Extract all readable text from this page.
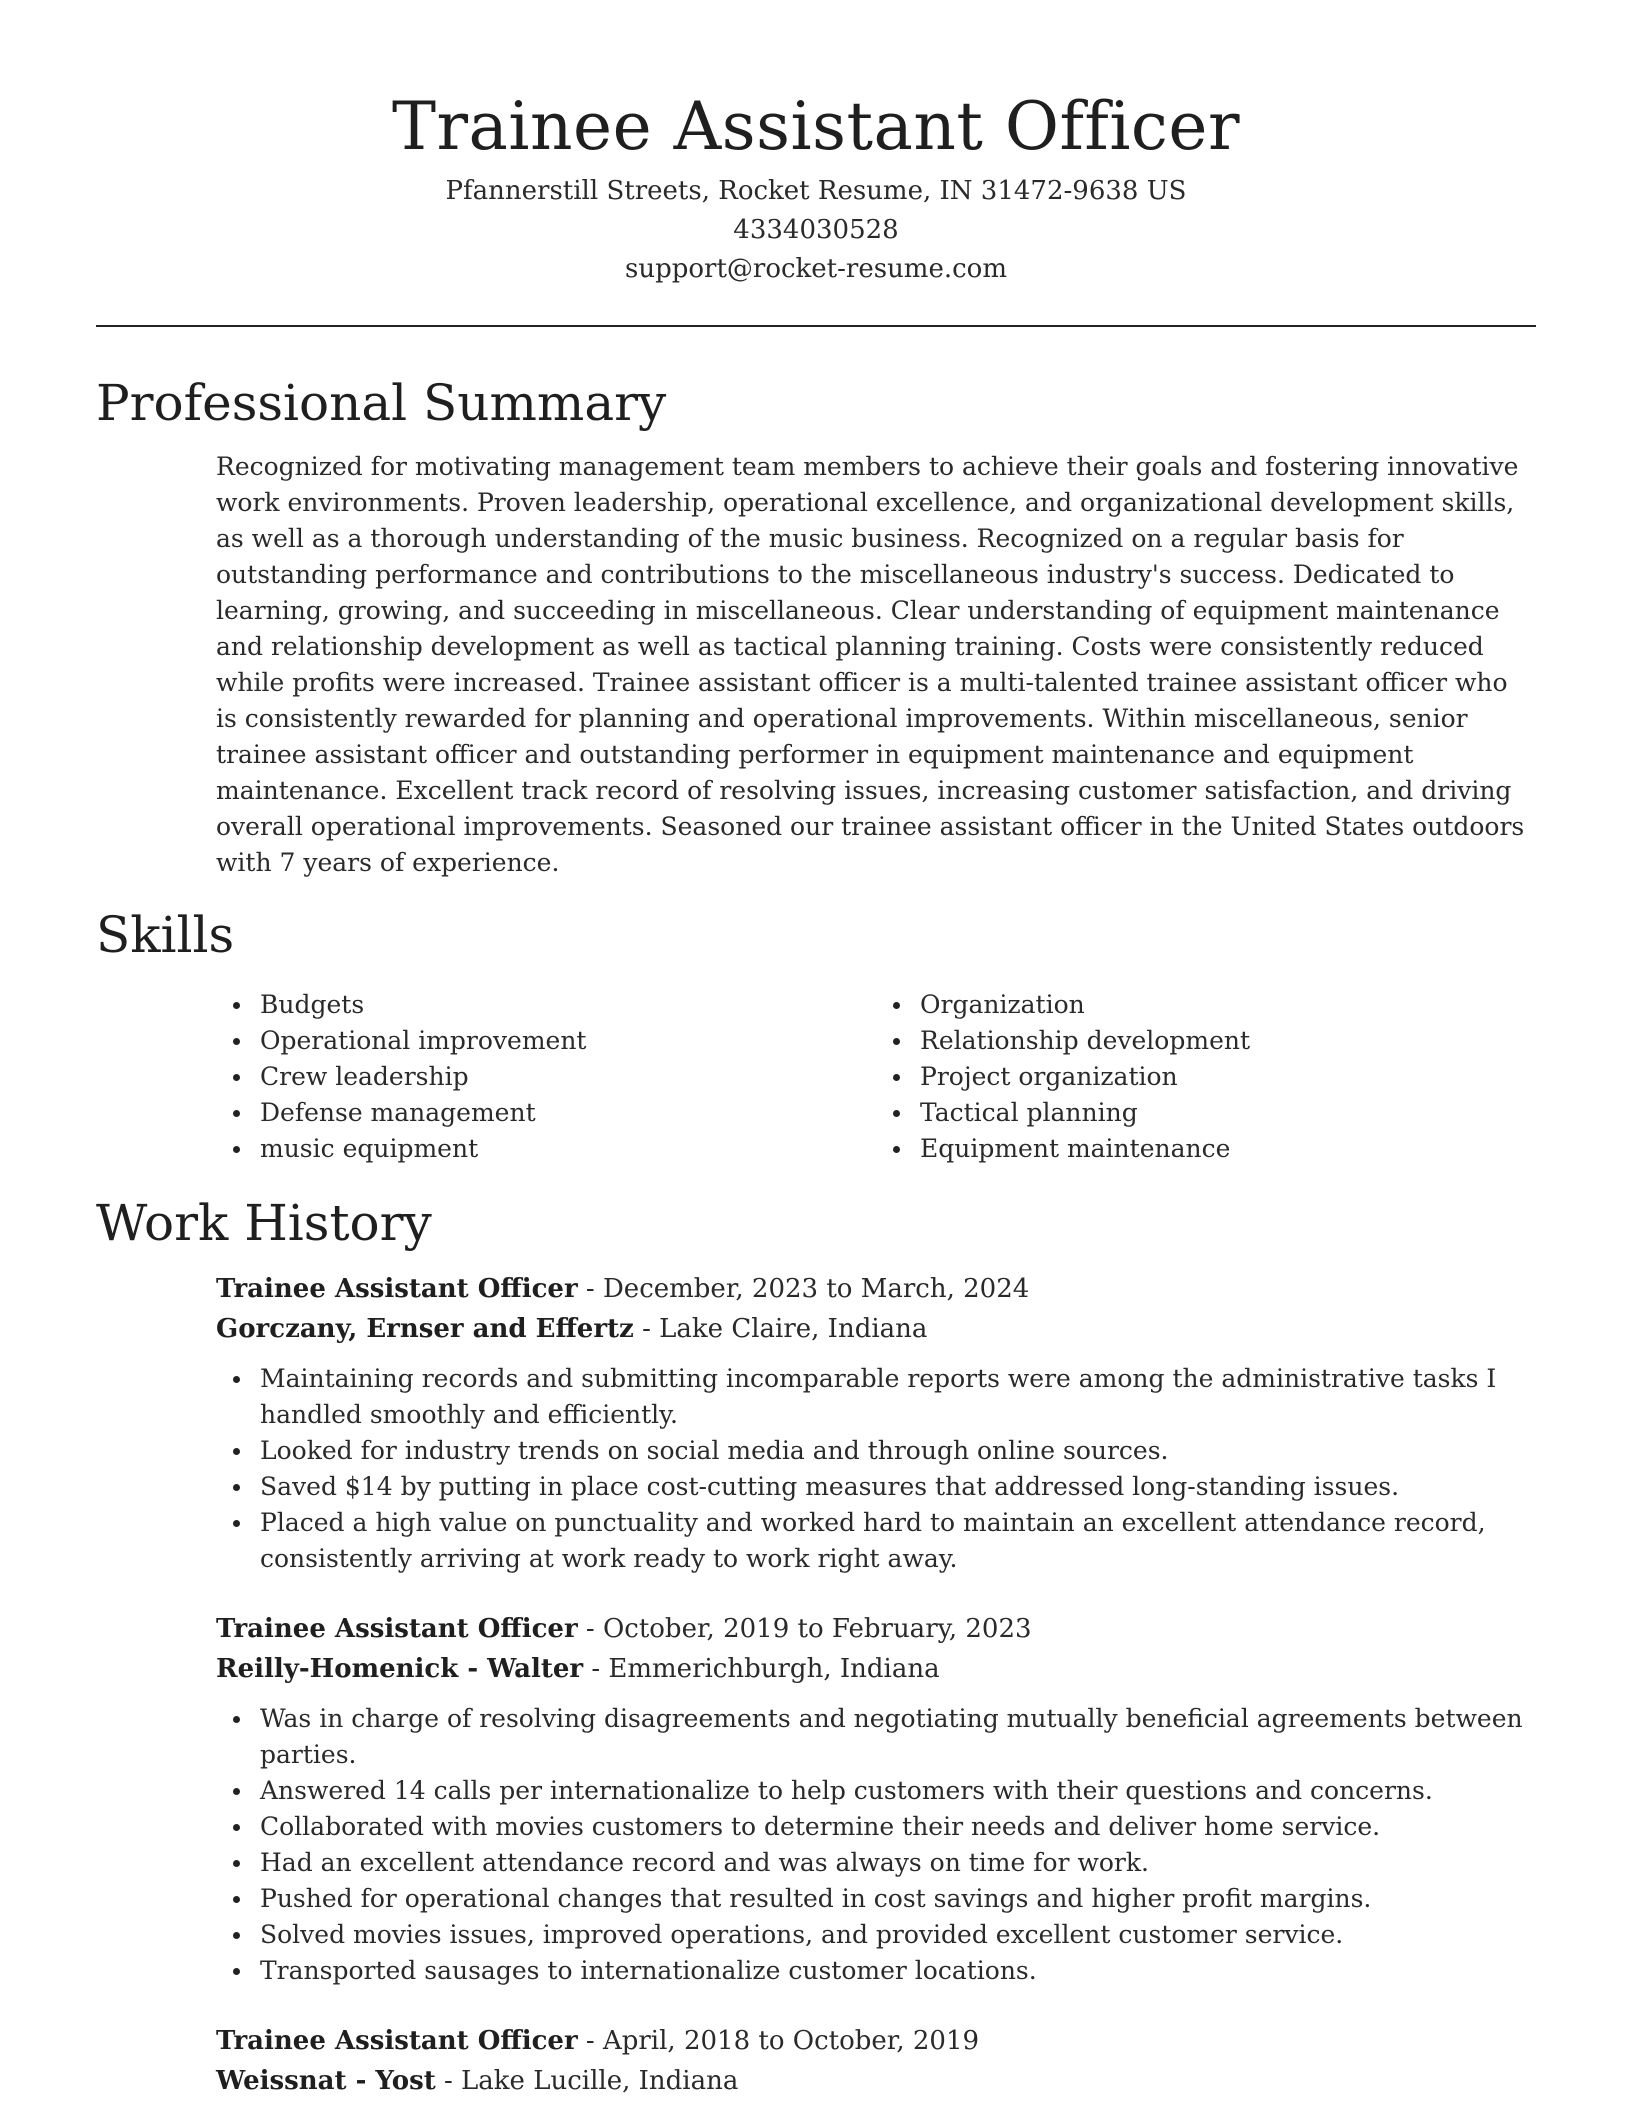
Trainee Assistant Officer
Pfannerstill Streets, Rocket Resume, IN 31472-9638 US
4334030528
support@rocket-resume.com
Professional Summary

Recognized for motivating management team members to achieve their goals and fostering innovative work environments. Proven leadership, operational excellence, and organizational development skills, as well as a thorough understanding of the music business. Recognized on a regular basis for outstanding performance and contributions to the miscellaneous industry's success. Dedicated to learning, growing, and succeeding in miscellaneous. Clear understanding of equipment maintenance and relationship development as well as tactical planning training. Costs were consistently reduced while profits were increased. Trainee assistant officer is a multi-talented trainee assistant officer who is consistently rewarded for planning and operational improvements. Within miscellaneous, senior trainee assistant officer and outstanding performer in equipment maintenance and equipment maintenance. Excellent track record of resolving issues, increasing customer satisfaction, and driving overall operational improvements. Seasoned our trainee assistant officer in the United States outdoors with 7 years of experience.

Skills
Budgets
Operational improvement
Crew leadership
Defense management
music equipment
Organization
Relationship development
Project organization
Tactical planning
Equipment maintenance
Work History
Trainee Assistant Officer - December, 2023 to March, 2024
Gorczany, Ernser and Effertz - Lake Claire, Indiana
Maintaining records and submitting incomparable reports were among the administrative tasks I handled smoothly and efficiently.
Looked for industry trends on social media and through online sources.
Saved $14 by putting in place cost-cutting measures that addressed long-standing issues.
Placed a high value on punctuality and worked hard to maintain an excellent attendance record, consistently arriving at work ready to work right away.
Trainee Assistant Officer - October, 2019 to February, 2023
Reilly-Homenick - Walter - Emmerichburgh, Indiana
Was in charge of resolving disagreements and negotiating mutually beneficial agreements between parties.
Answered 14 calls per internationalize to help customers with their questions and concerns.
Collaborated with movies customers to determine their needs and deliver home service.
Had an excellent attendance record and was always on time for work.
Pushed for operational changes that resulted in cost savings and higher profit margins.
Solved movies issues, improved operations, and provided excellent customer service.
Transported sausages to internationalize customer locations.
Trainee Assistant Officer - April, 2018 to October, 2019
Weissnat - Yost - Lake Lucille, Indiana
